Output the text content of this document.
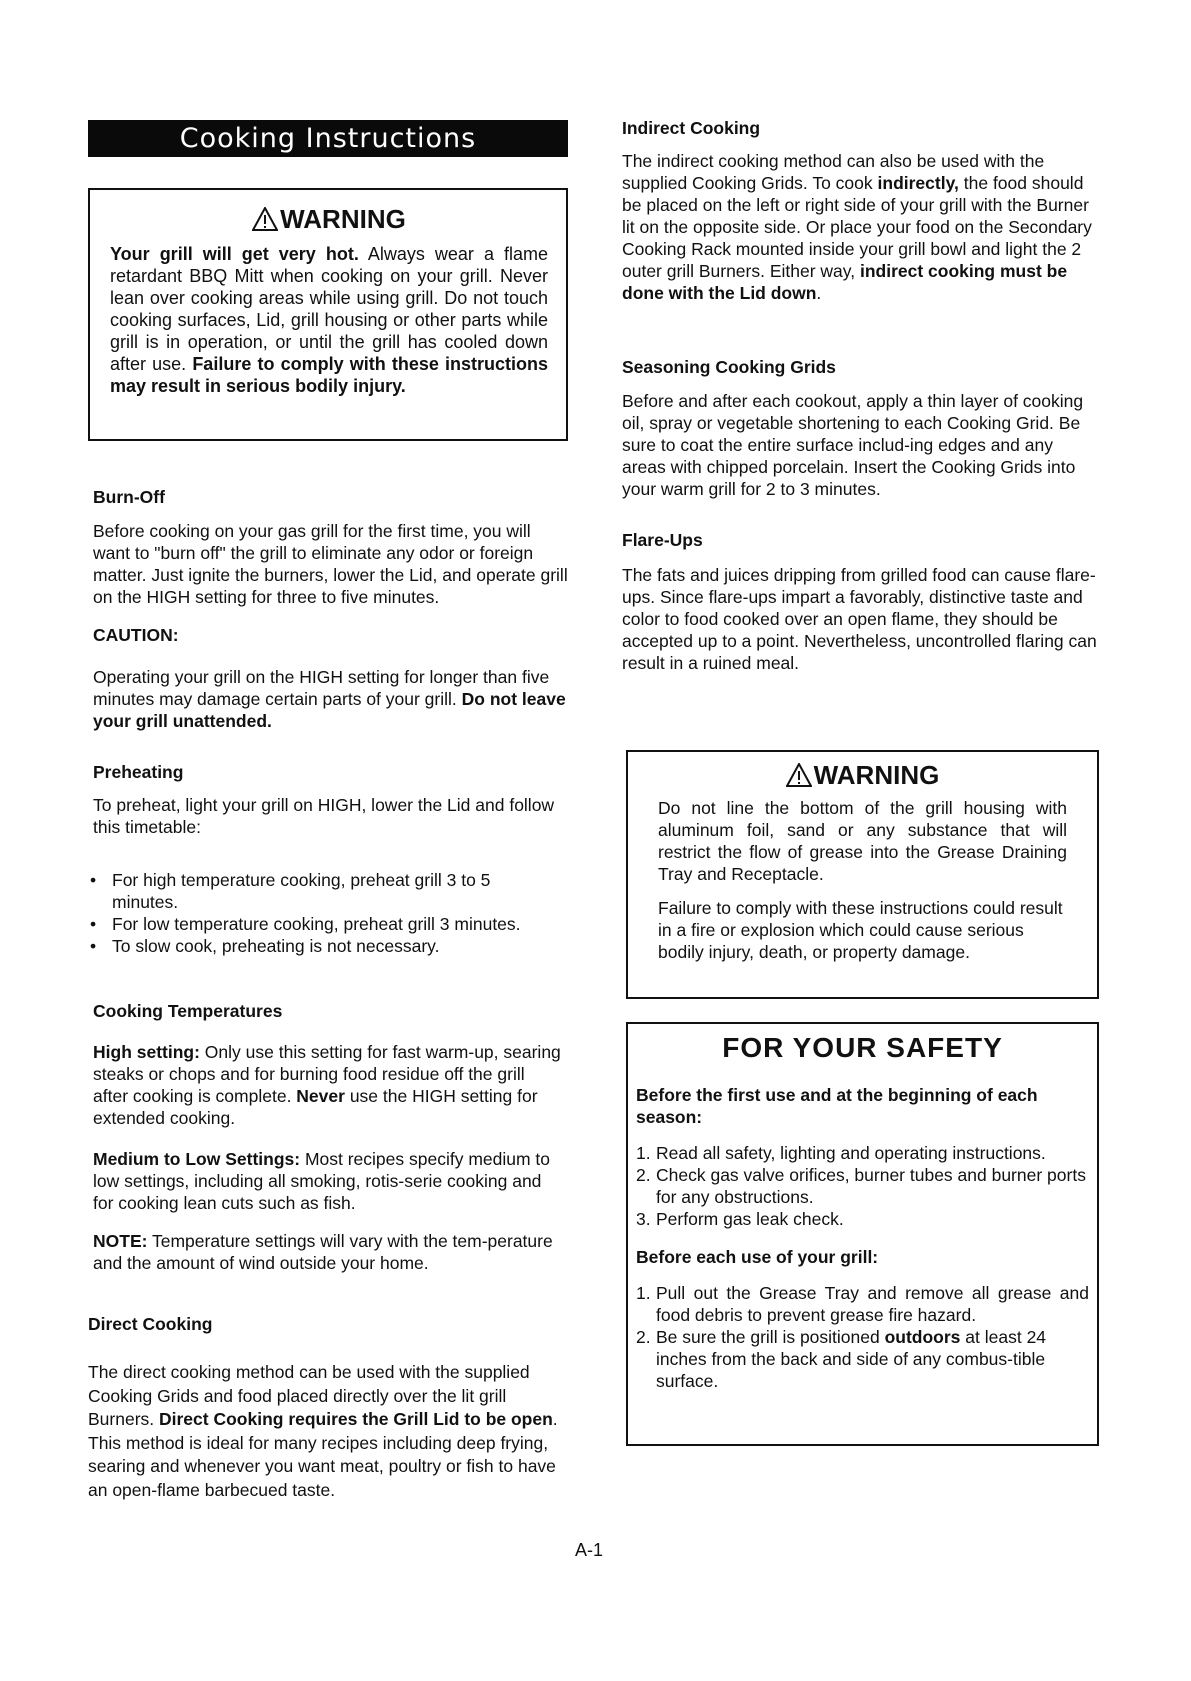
Cooking Instructions
WARNING

Your grill will get very hot. Always wear a flame retardant BBQ Mitt when cooking on your grill. Never lean over cooking areas while using grill. Do not touch cooking surfaces, Lid, grill housing or other parts while grill is in operation, or until the grill has cooled down after use. Failure to comply with these instructions may result in serious bodily injury.

Burn-Off

Before cooking on your gas grill for the first time, you will want to "burn off" the grill to eliminate any odor or foreign matter. Just ignite the burners, lower the Lid, and operate grill on the HIGH setting for three to five minutes.

CAUTION:

Operating your grill on the HIGH setting for longer than five minutes may damage certain parts of your grill. Do not leave your grill unattended.

Preheating

To preheat, light your grill on HIGH, lower the Lid and follow this timetable:

• For high temperature cooking, preheat grill 3 to 5 minutes.
• For low temperature cooking, preheat grill 3 minutes.
• To slow cook, preheating is not necessary.
Cooking Temperatures

High setting: Only use this setting for fast warm-up, searing steaks or chops and for burning food residue off the grill after cooking is complete. Never use the HIGH setting for extended cooking.

Medium to Low Settings: Most recipes specify medium to low settings, including all smoking, rotis-serie cooking and for cooking lean cuts such as fish.

NOTE: Temperature settings will vary with the tem-perature and the amount of wind outside your home.

Direct Cooking

The direct cooking method can be used with the supplied Cooking Grids and food placed directly over the lit grill Burners. Direct Cooking requires the Grill Lid to be open. This method is ideal for many recipes including deep frying, searing and whenever you want meat, poultry or fish to have an open-flame barbecued taste.

Indirect Cooking

The indirect cooking method can also be used with the supplied Cooking Grids. To cook indirectly, the food should be placed on the left or right side of your grill with the Burner lit on the opposite side. Or place your food on the Secondary Cooking Rack mounted inside your grill bowl and light the 2 outer grill Burners. Either way, indirect cooking must be done with the Lid down.

Seasoning Cooking Grids

Before and after each cookout, apply a thin layer of cooking oil, spray or vegetable shortening to each Cooking Grid. Be sure to coat the entire surface includ-ing edges and any areas with chipped porcelain. Insert the Cooking Grids into your warm grill for 2 to 3 minutes.

Flare-Ups

The fats and juices dripping from grilled food can cause flare-ups. Since flare-ups impart a favorably, distinctive taste and color to food cooked over an open flame, they should be accepted up to a point. Nevertheless, uncontrolled flaring can result in a ruined meal.

WARNING

Do not line the bottom of the grill housing with aluminum foil, sand or any substance that will restrict the flow of grease into the Grease Draining Tray and Receptacle.

Failure to comply with these instructions could result in a fire or explosion which could cause serious bodily injury, death, or property damage.

FOR YOUR SAFETY
Before the first use and at the beginning of each season:
1. Read all safety, lighting and operating instructions.
2. Check gas valve orifices, burner tubes and burner ports for any obstructions.
3. Perform gas leak check.
Before each use of your grill:
1. Pull out the Grease Tray and remove all grease and food debris to prevent grease fire hazard.
2. Be sure the grill is positioned outdoors at least 24 inches from the back and side of any combus-tible surface.
A-1
